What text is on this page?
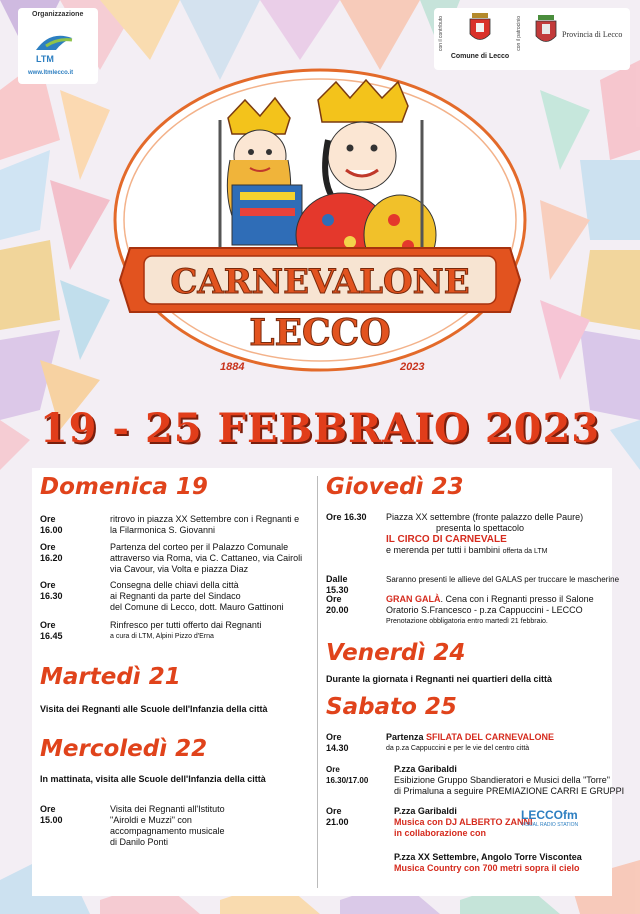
Organizzazione
LTM
www.ltmlecco.it
con il contributo
Comune di Lecco
con il patrocinio	Provincia di Lecco
CARNEVALONE
LECCO
1884	2023
19 - 25 FEBBRAIO 2023
Domenica 19
Ore 16.00
ritrovo in piazza XX Settembre con i Regnanti e
la Filarmonica S. Giovanni
Ore 16.20
Partenza del corteo per il Palazzo Comunale
attraverso via Roma, via C. Cattaneo, via Cairoli
via Cavour, via Volta e piazza Diaz
Ore 16.30
Consegna delle chiavi della città
ai Regnanti da parte del Sindaco
del Comune di Lecco, dott. Mauro Gattinoni
Ore 16.45
Rinfresco per tutti offerto dai Regnanti
a cura di LTM, Alpini Pizzo d'Erna
Martedì 21
Visita dei Regnanti alle Scuole dell'Infanzia della città
Mercoledì 22
In mattinata, visita alle Scuole dell'Infanzia della città
Ore 15.00
Visita dei Regnanti all'Istituto
"Airoldi e Muzzi" con
accompagnamento musicale
di Danilo Ponti
Giovedì 23
Ore 16.30 Piazza XX settembre (fronte palazzo delle Paure)
presenta lo spettacolo
IL CIRCO DI CARNEVALE
e merenda per tutti i bambini offerta da LTM
Dalle 15.30
Saranno presenti le allieve del GALAS per truccare le mascherine
Ore 20.00
GRAN GALÀ. Cena con i Regnanti presso il Salone
Oratorio S.Francesco - p.za Cappuccini - LECCO
Prenotazione obbligatoria entro martedì 21 febbraio.
Venerdì 24
Durante la giornata i Regnanti nei quartieri della città
Sabato 25
Ore 14.30
Partenza SFILATA DEL CARNEVALONE
da p.za Cappuccini e per le vie del centro città
Ore 16.30/17.00
P.zza Garibaldi
Esibizione Gruppo Sbandieratori e Musici della "Torre"
di Primaluna a seguire PREMIAZIONE CARRI E GRUPPI
Ore 21.00
P.zza Garibaldi
Musica con DJ ALBERTO ZANNI
in collaborazione con
LECCOfm
VISUAL RADIO STATION
P.zza XX Settembre, Angolo Torre Viscontea
Musica Country con 700 metri sopra il cielo
